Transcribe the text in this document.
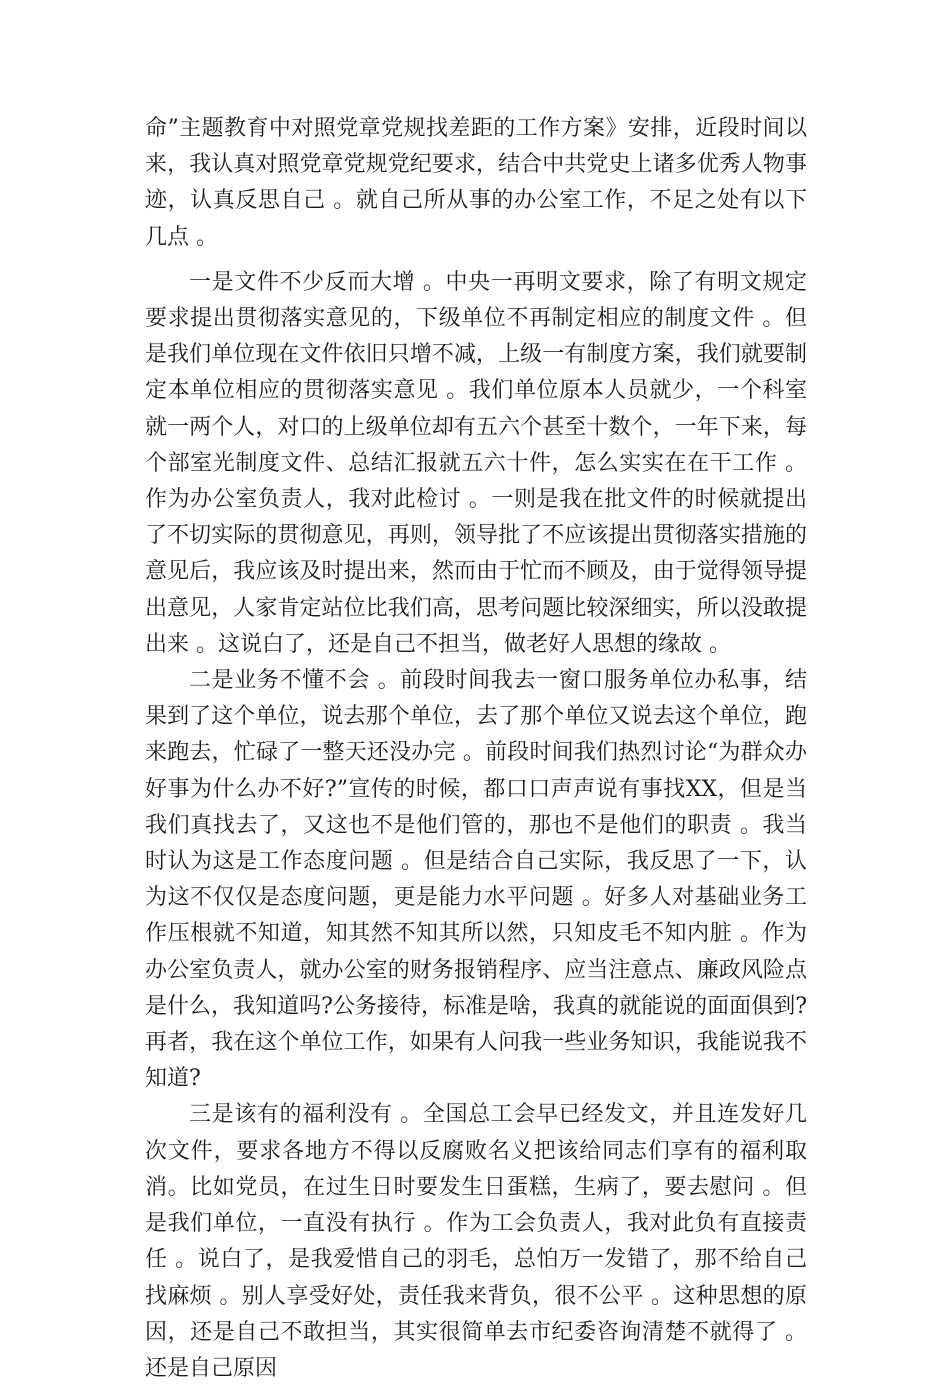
命”主题教育中对照党章党规找差距的工作方案》安排，近段时间以来，我认真对照党章党规党纪要求，结合中共党史上诸多优秀人物事迹，认真反思自己 。就自己所从事的办公室工作，不足之处有以下几点 。

一是文件不少反而大增 。中央一再明文要求，除了有明文规定要求提出贯彻落实意见的，下级单位不再制定相应的制度文件 。但是我们单位现在文件依旧只增不减，上级一有制度方案，我们就要制定本单位相应的贯彻落实意见 。我们单位原本人员就少，一个科室就一两个人，对口的上级单位却有五六个甚至十数个，一年下来，每个部室光制度文件、总结汇报就五六十件，怎么实实在在干工作 。作为办公室负责人，我对此检讨 。一则是我在批文件的时候就提出了不切实际的贯彻意见，再则，领导批了不应该提出贯彻落实措施的意见后，我应该及时提出来，然而由于忙而不顾及，由于觉得领导提出意见，人家肯定站位比我们高，思考问题比较深细实，所以没敢提出来 。这说白了，还是自己不担当，做老好人思想的缘故 。

二是业务不懂不会 。前段时间我去一窗口服务单位办私事，结果到了这个单位，说去那个单位，去了那个单位又说去这个单位，跑来跑去，忙碌了一整天还没办完 。前段时间我们热烈讨论“为群众办好事为什么办不好?”宣传的时候，都口口声声说有事找XX，但是当我们真找去了，又这也不是他们管的，那也不是他们的职责 。我当时认为这是工作态度问题 。但是结合自己实际，我反思了一下，认为这不仅仅是态度问题，更是能力水平问题 。好多人对基础业务工作压根就不知道，知其然不知其所以然，只知皮毛不知内脏 。作为办公室负责人，就办公室的财务报销程序、应当注意点、廉政风险点是什么，我知道吗?公务接待，标准是啥，我真的就能说的面面俱到?再者，我在这个单位工作，如果有人问我一些业务知识，我能说我不知道?

三是该有的福利没有 。全国总工会早已经发文，并且连发好几次文件，要求各地方不得以反腐败名义把该给同志们享有的福利取消。比如党员，在过生日时要发生日蛋糕，生病了，要去慰问 。但是我们单位，一直没有执行 。作为工会负责人，我对此负有直接责任 。说白了，是我爱惜自己的羽毛，总怕万一发错了，那不给自己找麻烦 。别人享受好处，责任我来背负，很不公平 。这种思想的原因，还是自己不敢担当，其实很简单去市纪委咨询清楚不就得了 。还是自己原因
